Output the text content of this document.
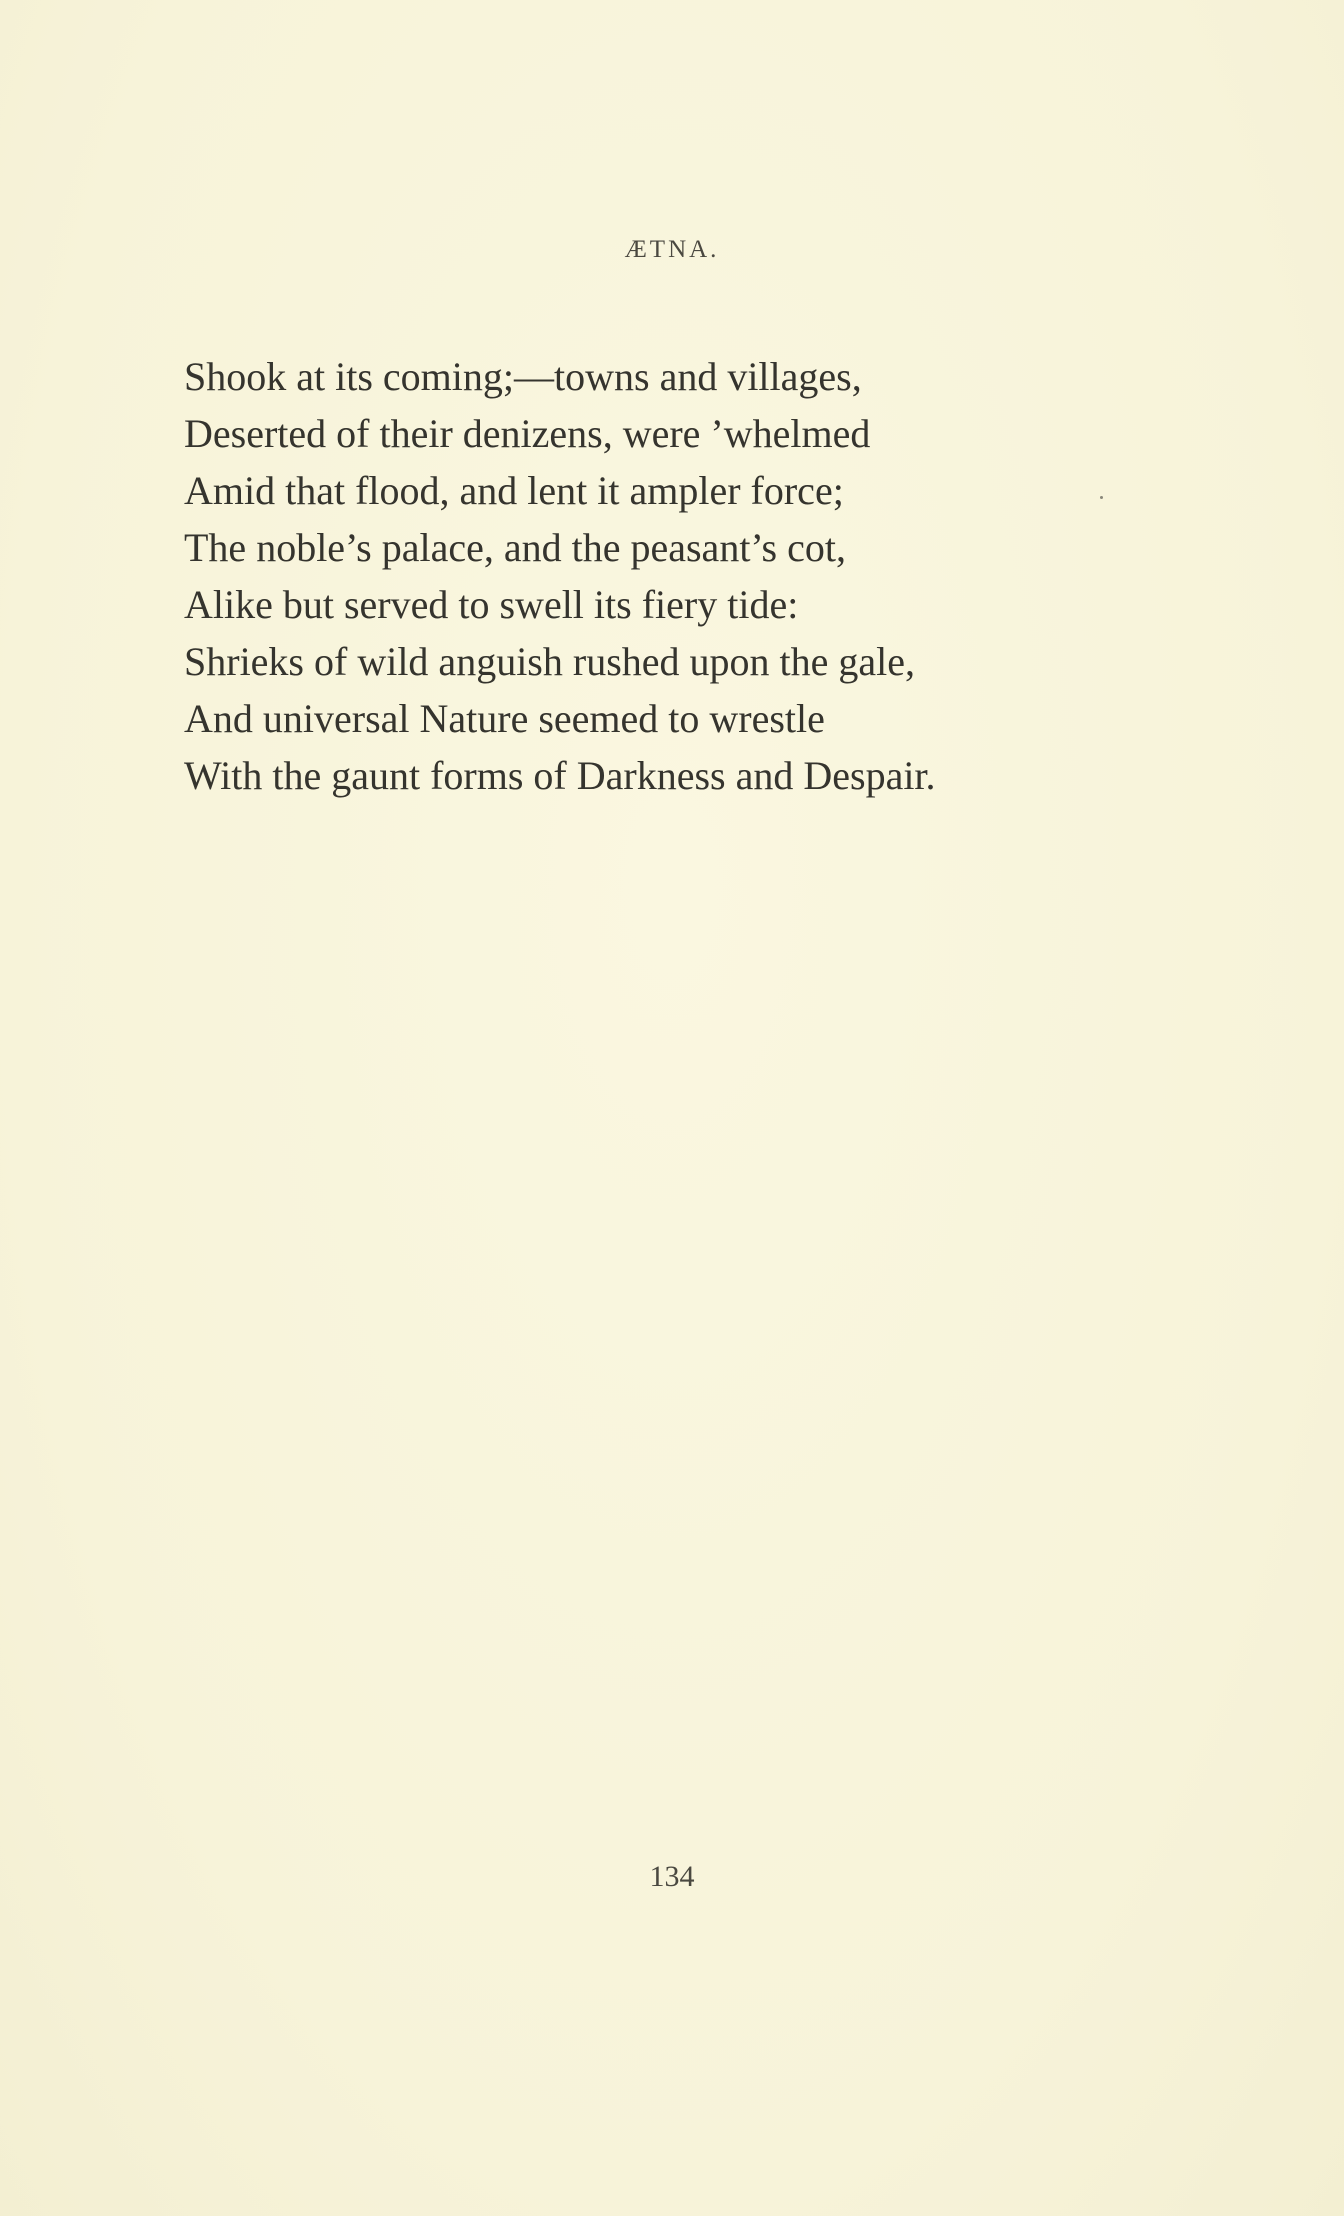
ÆTNA.
Shook at its coming;—towns and villages,
Deserted of their denizens, were ’whelmed
Amid that flood, and lent it ampler force;
The noble’s palace, and the peasant’s cot,
Alike but served to swell its fiery tide:
Shrieks of wild anguish rushed upon the gale,
And universal Nature seemed to wrestle
With the gaunt forms of Darkness and Despair.
134
